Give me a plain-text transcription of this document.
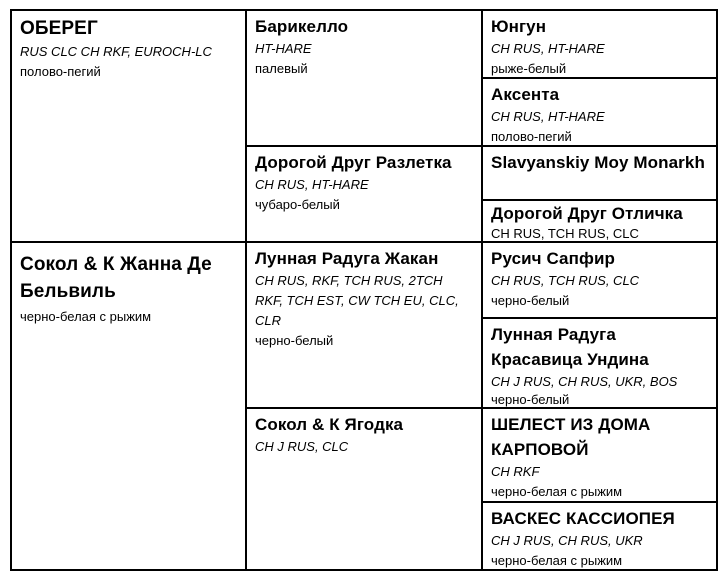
ОБЕРЕГ
RUS CLC CH RKF, EUROCH-LC
полово-пегий
Сокол & К Жанна Де Бельвиль
черно-белая с рыжим
Барикелло
HT-HARE
палевый
Дорогой Друг Разлетка
CH RUS, HT-HARE
чубаро-белый
Лунная Радуга Жакан
CH RUS, RKF, TCH RUS, 2TCH RKF, TCH EST, CW TCH EU, CLC, CLR
черно-белый
Сокол & К Ягодка
CH J RUS, CLC
Юнгун
CH RUS, HT-HARE
рыже-белый
Аксента
CH RUS, HT-HARE
полово-пегий
Slavyanskiy Moy Monarkh
Дорогой Друг Отличка
CH RUS, TCH RUS, CLC
Русич Сапфир
CH RUS, TCH RUS, CLC
черно-белый
Лунная Радуга Красавица Ундина
CH J RUS, CH RUS, UKR, BOS
черно-белый
ШЕЛЕСТ ИЗ ДОМА КАРПОВОЙ
CH RKF
черно-белая с рыжим
ВАСКЕС КАССИОПЕЯ
CH J RUS, CH RUS, UKR
черно-белая с рыжим
